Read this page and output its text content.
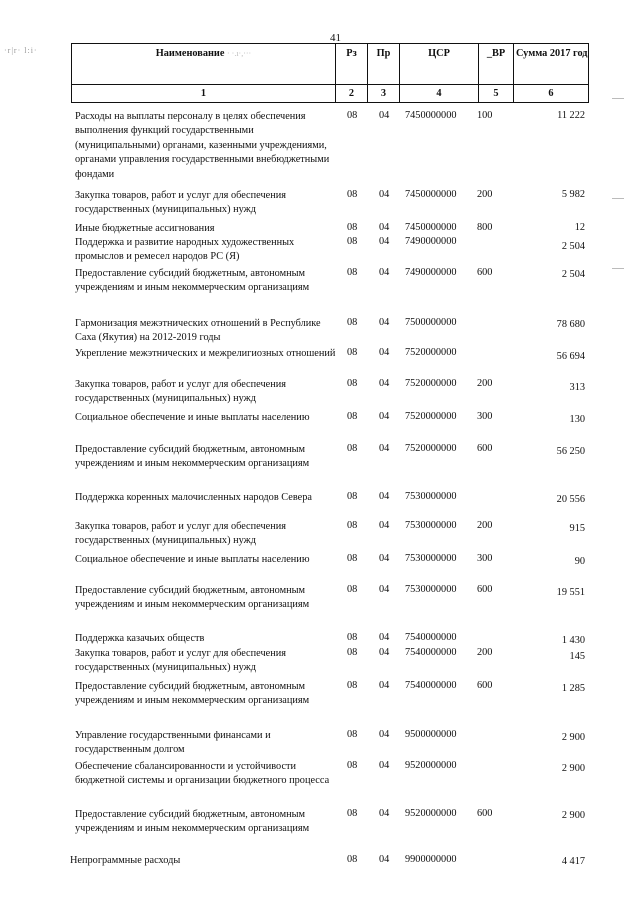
41
·r|r· l:i·	Наименование · ·.ı·,···	Рз	Пр	ЦСР	_ВР	Сумма 2017 год
1	2	3	4	5	6
Расходы на выплаты персоналу в целях обеспечения выполнения функций государственными (муниципальными) органами, казенными учреждениями, органами управления государственными внебюджетными фондами
08 04 7450000000 100	11 222
Закупка товаров, работ и услуг для обеспечения государственных (муниципальных) нужд
08 04 7450000000 200	5 982
Иные бюджетные ассигнования	08 04 7450000000 800	12
Поддержка и развитие народных художественных промыслов и ремесел народов РС (Я)
08 04 7490000000	2 504
Предоставление субсидий бюджетным, автономным учреждениям и иным некоммерческим организациям
08 04 7490000000 600	2 504
Гармонизация межэтнических отношений в Республике Саха (Якутия) на 2012-2019 годы
08 04 7500000000	78 680
Укрепление межэтнических и межрелигиозных отношений 08 04 7520000000	56 694
Закупка товаров, работ и услуг для обеспечения государственных (муниципальных) нужд
08 04 7520000000 200	313
Социальное обеспечение и иные выплаты населению	08 04 7520000000 300	130
Предоставление субсидий бюджетным, автономным учреждениям и иным некоммерческим организациям
08 04 7520000000 600	56 250
Поддержка коренных малочисленных народов Севера	08 04 7530000000	20 556
Закупка товаров, работ и услуг для обеспечения государственных (муниципальных) нужд
08 04 7530000000 200	915
Социальное обеспечение и иные выплаты населению	08 04 7530000000 300	90
Предоставление субсидий бюджетным, автономным учреждениям и иным некоммерческим организациям
08 04 7530000000 600	19 551
Поддержка казачьих обществ	08 04 7540000000	1 430
Закупка товаров, работ и услуг для обеспечения государственных (муниципальных) нужд
08 04 7540000000 200	145
Предоставление субсидий бюджетным, автономным учреждениям и иным некоммерческим организациям
08 04 7540000000 600	1 285
Управление государственными финансами и государственным долгом
08 04 9500000000	2 900
Обеспечение сбалансированности и устойчивости бюджетной системы и организации бюджетного процесса
08 04 9520000000	2 900
Предоставление субсидий бюджетным, автономным учреждениям и иным некоммерческим организациям
08 04 9520000000 600	2 900
Непрограммные расходы	08 04 9900000000	4 417
